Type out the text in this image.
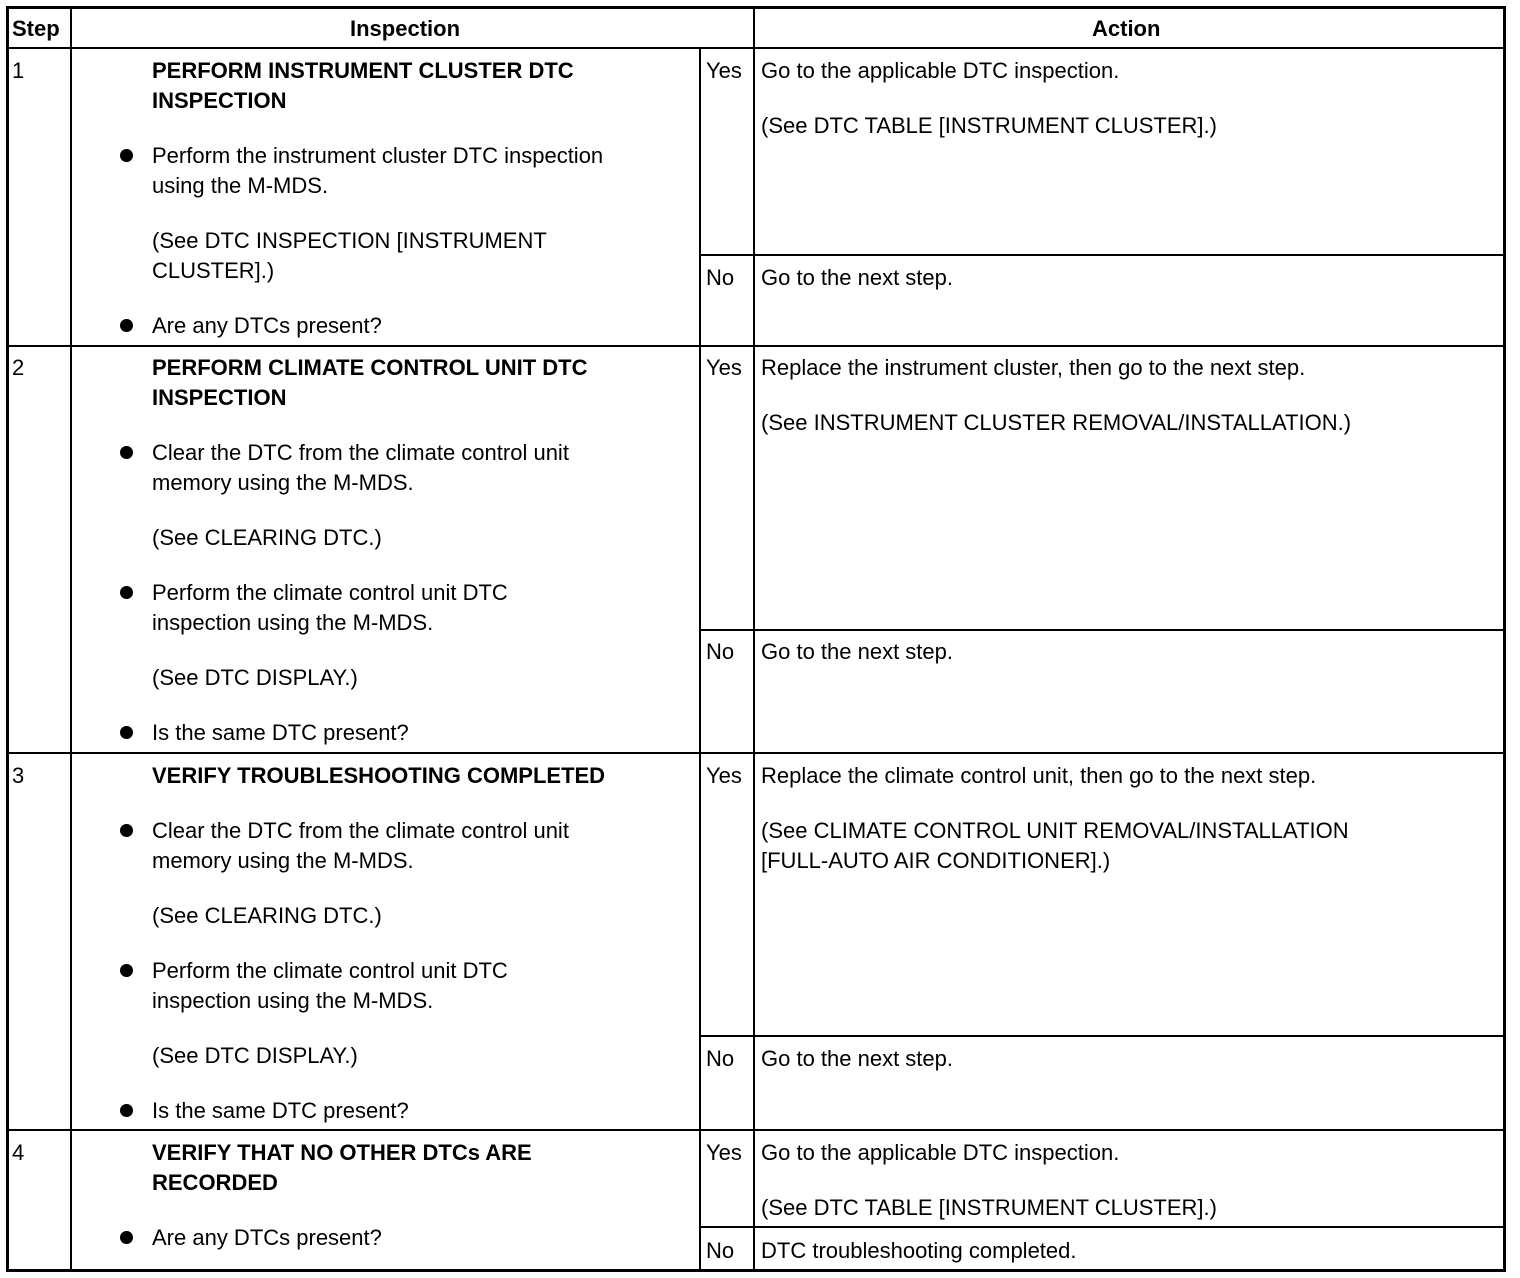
Step	Inspection	Action
1	PERFORM INSTRUMENT CLUSTER DTC
INSPECTION
Perform the instrument cluster DTC inspection
using the M-MDS.
(See DTC INSPECTION [INSTRUMENT
CLUSTER].)
Are any DTCs present?
Yes Go to the applicable DTC inspection.
(See DTC TABLE [INSTRUMENT CLUSTER].)
No Go to the next step.
2	PERFORM CLIMATE CONTROL UNIT DTC
INSPECTION
Clear the DTC from the climate control unit
memory using the M-MDS.
(See CLEARING DTC.)
Perform the climate control unit DTC
inspection using the M-MDS.
(See DTC DISPLAY.)
Is the same DTC present?
Yes Replace the instrument cluster, then go to the next step.
(See INSTRUMENT CLUSTER REMOVAL/INSTALLATION.)
No Go to the next step.
3	VERIFY TROUBLESHOOTING COMPLETED
Clear the DTC from the climate control unit
memory using the M-MDS.
(See CLEARING DTC.)
Perform the climate control unit DTC
inspection using the M-MDS.
(See DTC DISPLAY.)
Is the same DTC present?
Yes Replace the climate control unit, then go to the next step.
(See CLIMATE CONTROL UNIT REMOVAL/INSTALLATION
[FULL-AUTO AIR CONDITIONER].)
No Go to the next step.
4	VERIFY THAT NO OTHER DTCs ARE
RECORDED
Are any DTCs present?
Yes Go to the applicable DTC inspection.
(See DTC TABLE [INSTRUMENT CLUSTER].)
No DTC troubleshooting completed.
